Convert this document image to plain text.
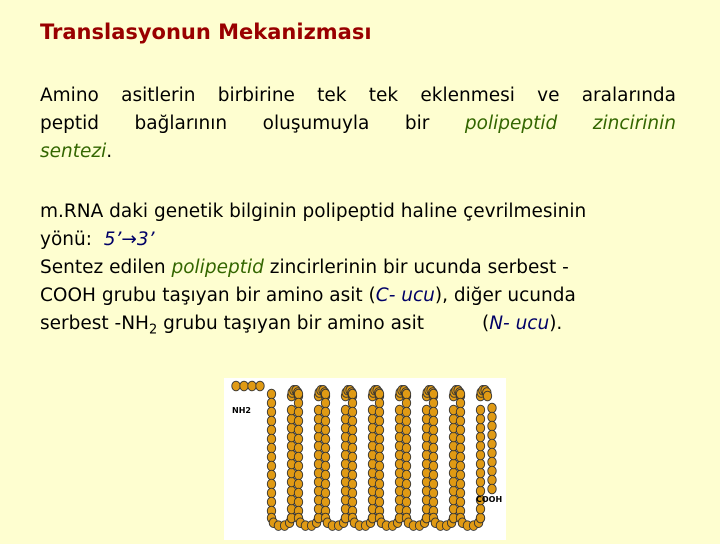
Translasyonun Mekanizması
Amino asitlerin birbirine tek tek eklenmesi ve aralarında
peptid bağlarının oluşumuyla bir polipeptid zincirinin
sentezi.
m.RNA daki genetik bilginin polipeptid haline çevrilmesinin
yönü: 5’→3’
Sentez edilen polipeptid zincirlerinin bir ucunda serbest -
COOH grubu taşıyan bir amino asit (C- ucu), diğer ucunda
serbest $-NH_2$ grubu taşıyan bir amino asit	(N- ucu).
NH2
COOH
